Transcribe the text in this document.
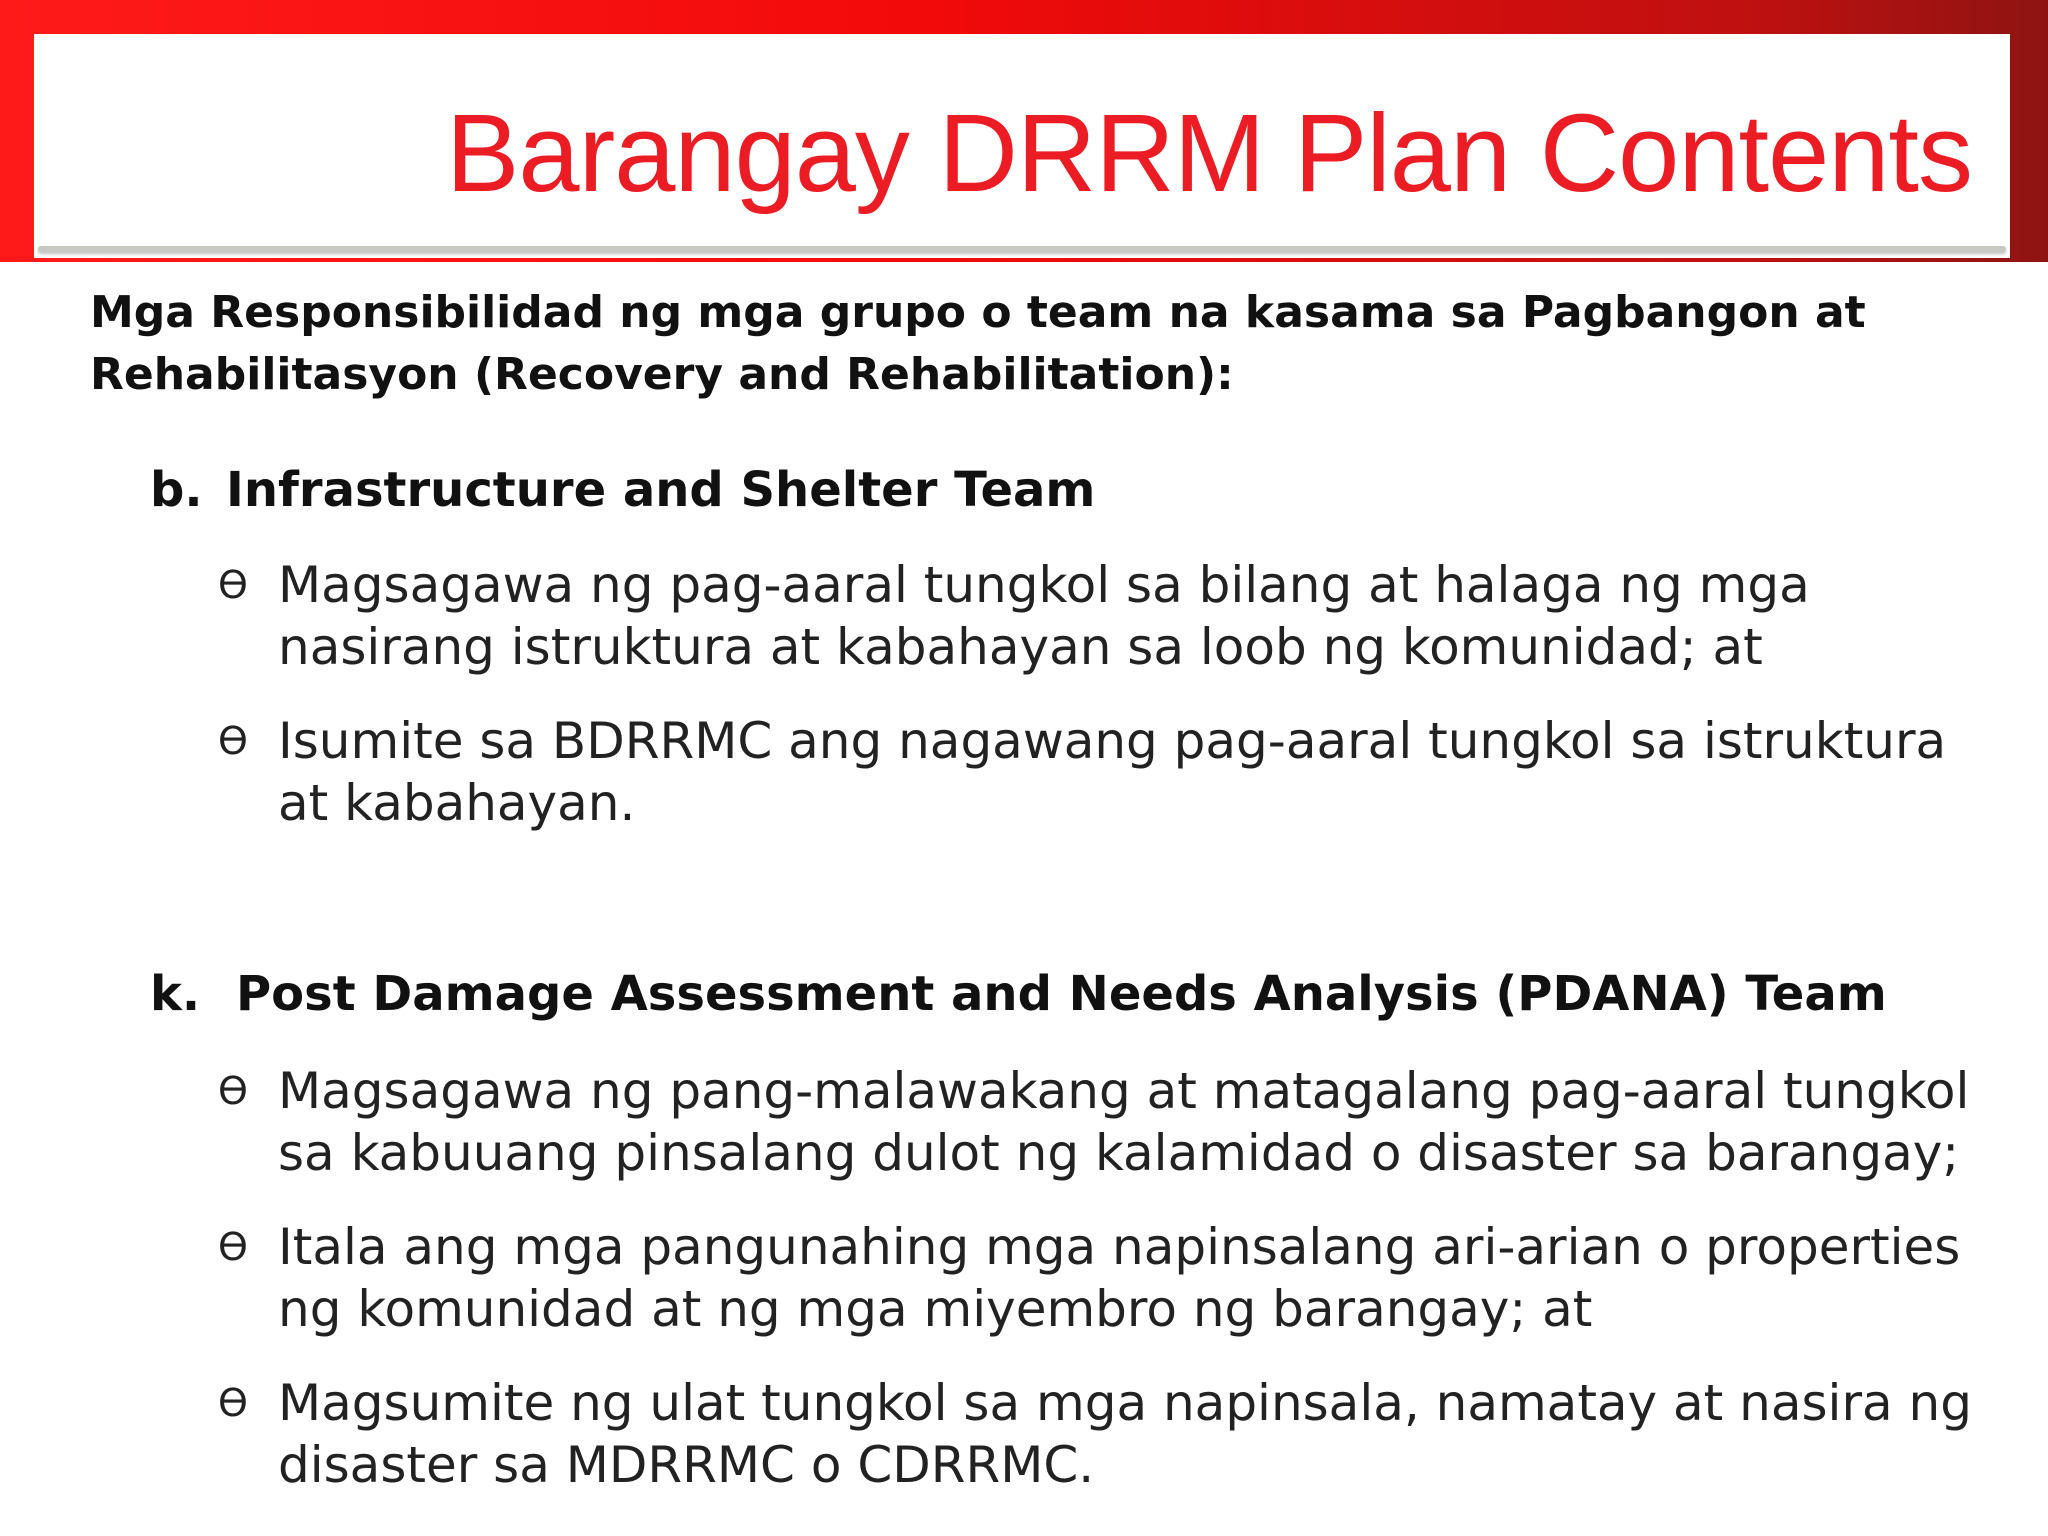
Barangay DRRM Plan Contents

Mga Responsibilidad ng mga grupo o team na kasama sa Pagbangon at Rehabilitasyon (Recovery and Rehabilitation):

b. Infrastructure and Shelter Team
ϴ Magsagawa ng pag-aaral tungkol sa bilang at halaga ng mga nasirang istruktura at kabahayan sa loob ng komunidad; at
ϴ Isumite sa BDRRMC ang nagawang pag-aaral tungkol sa istruktura at kabahayan.
k. Post Damage Assessment and Needs Analysis (PDANA) Team
ϴ Magsagawa ng pang-malawakang at matagalang pag-aaral tungkol sa kabuuang pinsalang dulot ng kalamidad o disaster sa barangay;
ϴ Itala ang mga pangunahing mga napinsalang ari-arian o properties ng komunidad at ng mga miyembro ng barangay; at
ϴ Magsumite ng ulat tungkol sa mga napinsala, namatay at nasira ng disaster sa MDRRMC o CDRRMC.
